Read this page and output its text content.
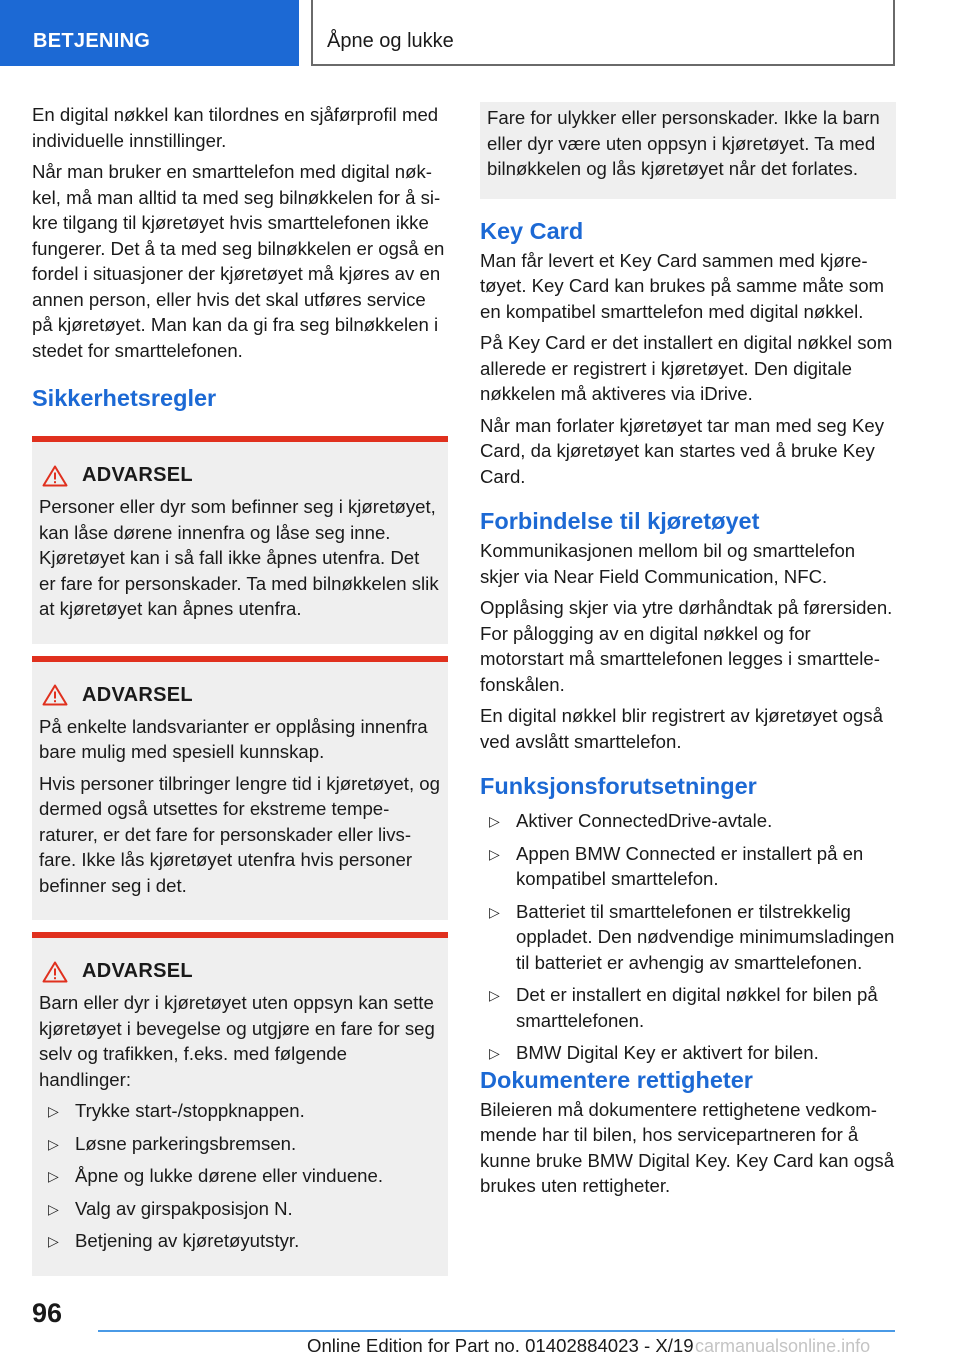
BETJENING	Åpne og lukke

En digital nøkkel kan tilordnes en sjåførprofil med individuelle innstillinger.

Når man bruker en smarttelefon med digital nøkkel, må man alltid ta med seg bilnøkkelen for å sikre tilgang til kjøretøyet hvis smarttelefonen ikke fungerer. Det å ta med seg bilnøkkelen er også en fordel i situasjoner der kjøretøyet må kjøres av en annen person, eller hvis det skal utføres service på kjøretøyet. Man kan da gi fra seg bilnøkkelen i stedet for smarttelefonen.

Sikkerhetsregler
ADVARSEL

Personer eller dyr som befinner seg i kjøretøyet, kan låse dørene innenfra og låse seg inne. Kjøretøyet kan i så fall ikke åpnes utenfra. Det er fare for personskader. Ta med bilnøkkelen slik at kjøretøyet kan åpnes utenfra.

ADVARSEL

På enkelte landsvarianter er opplåsing innenfra bare mulig med spesiell kunnskap.

Hvis personer tilbringer lengre tid i kjøretøyet, og dermed også utsettes for ekstreme temperaturer, er det fare for personskader eller livsfare. Ikke lås kjøretøyet utenfra hvis personer befinner seg i det.

ADVARSEL

Barn eller dyr i kjøretøyet uten oppsyn kan sette kjøretøyet i bevegelse og utgjøre en fare for seg selv og trafikken, f.eks. med følgende handlinger:

▷ Trykke start-/stoppknappen.
▷ Løsne parkeringsbremsen.
▷ Åpne og lukke dørene eller vinduene.
▷ Valg av girspakposisjon N.
▷ Betjening av kjøretøyutstyr.

Fare for ulykker eller personskader. Ikke la barn eller dyr være uten oppsyn i kjøretøyet. Ta med bilnøkkelen og lås kjøretøyet når det forlates.

Key Card

Man får levert et Key Card sammen med kjøretøyet. Key Card kan brukes på samme måte som en kompatibel smarttelefon med digital nøkkel.

På Key Card er det installert en digital nøkkel som allerede er registrert i kjøretøyet. Den digitale nøkkelen må aktiveres via iDrive.

Når man forlater kjøretøyet tar man med seg Key Card, da kjøretøyet kan startes ved å bruke Key Card.

Forbindelse til kjøretøyet

Kommunikasjonen mellom bil og smarttelefon skjer via Near Field Communication, NFC.

Opplåsing skjer via ytre dørhåndtak på førersiden. For pålogging av en digital nøkkel og for motorstart må smarttelefonen legges i smarttelefonskålen.

En digital nøkkel blir registrert av kjøretøyet også ved avslått smarttelefon.

Funksjonsforutsetninger
▷ Aktiver ConnectedDrive-avtale.
▷ Appen BMW Connected er installert på en kompatibel smarttelefon.
▷ Batteriet til smarttelefonen er tilstrekkelig oppladet. Den nødvendige minimumsladingen til batteriet er avhengig av smarttelefonen.
▷ Det er installert en digital nøkkel for bilen på smarttelefonen.
▷ BMW Digital Key er aktivert for bilen.
Dokumentere rettigheter

Bileieren må dokumentere rettighetene vedkommende har til bilen, hos servicepartneren for å kunne bruke BMW Digital Key. Key Card kan også brukes uten rettigheter.

96
Online Edition for Part no. 01402884023 - X/19 carmanualsonline.info
